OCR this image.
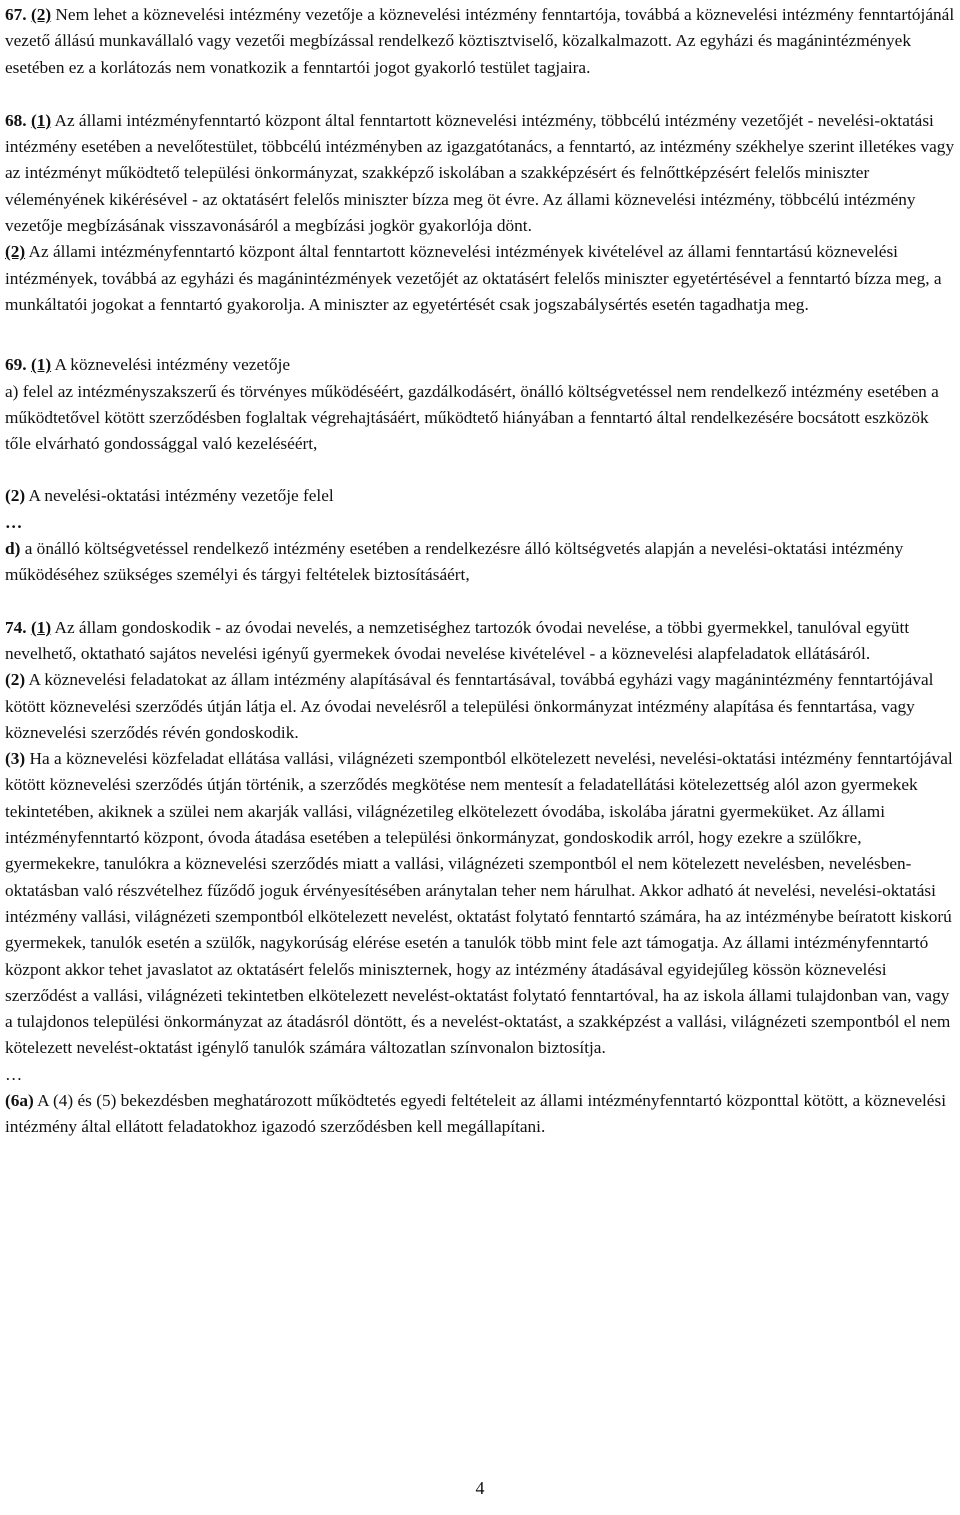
67. (2) Nem lehet a köznevelési intézmény vezetője a köznevelési intézmény fenntartója, továbbá a köznevelési intézmény fenntartójánál vezető állású munkavállaló vagy vezetői megbízással rendelkező köztisztviselő, közalkalmazott. Az egyházi és magánintézmények esetében ez a korlátozás nem vonatkozik a fenntartói jogot gyakorló testület tagjaira.

68. (1) Az állami intézményfenntartó központ által fenntartott köznevelési intézmény, többcélú intézmény vezetőjét - nevelési-oktatási intézmény esetében a nevelőtestület, többcélú intézményben az igazgatótanács, a fenntartó, az intézmény székhelye szerint illetékes vagy az intézményt működtető települési önkormányzat, szakképző iskolában a szakképzésért és felnőttképzésért felelős miniszter véleményének kikérésével - az oktatásért felelős miniszter bízza meg öt évre. Az állami köznevelési intézmény, többcélú intézmény vezetője megbízásának visszavonásáról a megbízási jogkör gyakorlója dönt.

(2) Az állami intézményfenntartó központ által fenntartott köznevelési intézmények kivételével az állami fenntartású köznevelési intézmények, továbbá az egyházi és magánintézmények vezetőjét az oktatásért felelős miniszter egyetértésével a fenntartó bízza meg, a munkáltatói jogokat a fenntartó gyakorolja. A miniszter az egyetértését csak jogszabálysértés esetén tagadhatja meg.

69. (1) A köznevelési intézmény vezetője

a) felel az intézményszakszerű és törvényes működéséért, gazdálkodásért, önálló költségvetéssel nem rendelkező intézmény esetében a működtetővel kötött szerződésben foglaltak végrehajtásáért, működtető hiányában a fenntartó által rendelkezésére bocsátott eszközök tőle elvárható gondossággal való kezeléséért,

(2) A nevelési-oktatási intézmény vezetője felel

…

d) a önálló költségvetéssel rendelkező intézmény esetében a rendelkezésre álló költségvetés alapján a nevelési-oktatási intézmény működéséhez szükséges személyi és tárgyi feltételek biztosításáért,

74. (1) Az állam gondoskodik - az óvodai nevelés, a nemzetiséghez tartozók óvodai nevelése, a többi gyermekkel, tanulóval együtt nevelhető, oktatható sajátos nevelési igényű gyermekek óvodai nevelése kivételével - a köznevelési alapfeladatok ellátásáról.

(2) A köznevelési feladatokat az állam intézmény alapításával és fenntartásával, továbbá egyházi vagy magánintézmény fenntartójával kötött köznevelési szerződés útján látja el. Az óvodai nevelésről a települési önkormányzat intézmény alapítása és fenntartása, vagy köznevelési szerződés révén gondoskodik.

(3) Ha a köznevelési közfeladat ellátása vallási, világnézeti szempontból elkötelezett nevelési, nevelési-oktatási intézmény fenntartójával kötött köznevelési szerződés útján történik, a szerződés megkötése nem mentesít a feladatellátási kötelezettség alól azon gyermekek tekintetében, akiknek a szülei nem akarják vallási, világnézetileg elkötelezett óvodába, iskolába járatni gyermeküket. Az állami intézményfenntartó központ, óvoda átadása esetében a települési önkormányzat, gondoskodik arról, hogy ezekre a szülőkre, gyermekekre, tanulókra a köznevelési szerződés miatt a vallási, világnézeti szempontból el nem kötelezett nevelésben, nevelésben-oktatásban való részvételhez fűződő joguk érvényesítésében aránytalan teher nem hárulhat. Akkor adható át nevelési, nevelési-oktatási intézmény vallási, világnézeti szempontból elkötelezett nevelést, oktatást folytató fenntartó számára, ha az intézménybe beíratott kiskorú gyermekek, tanulók esetén a szülők, nagykorúság elérése esetén a tanulók több mint fele azt támogatja. Az állami intézményfenntartó központ akkor tehet javaslatot az oktatásért felelős miniszternek, hogy az intézmény átadásával egyidejűleg kössön köznevelési szerződést a vallási, világnézeti tekintetben elkötelezett nevelést-oktatást folytató fenntartóval, ha az iskola állami tulajdonban van, vagy a tulajdonos települési önkormányzat az átadásról döntött, és a nevelést-oktatást, a szakképzést a vallási, világnézeti szempontból el nem kötelezett nevelést-oktatást igénylő tanulók számára változatlan színvonalon biztosítja.

…

(6a) A (4) és (5) bekezdésben meghatározott működtetés egyedi feltételeit az állami intézményfenntartó központtal kötött, a köznevelési intézmény által ellátott feladatokhoz igazodó szerződésben kell megállapítani.

4
